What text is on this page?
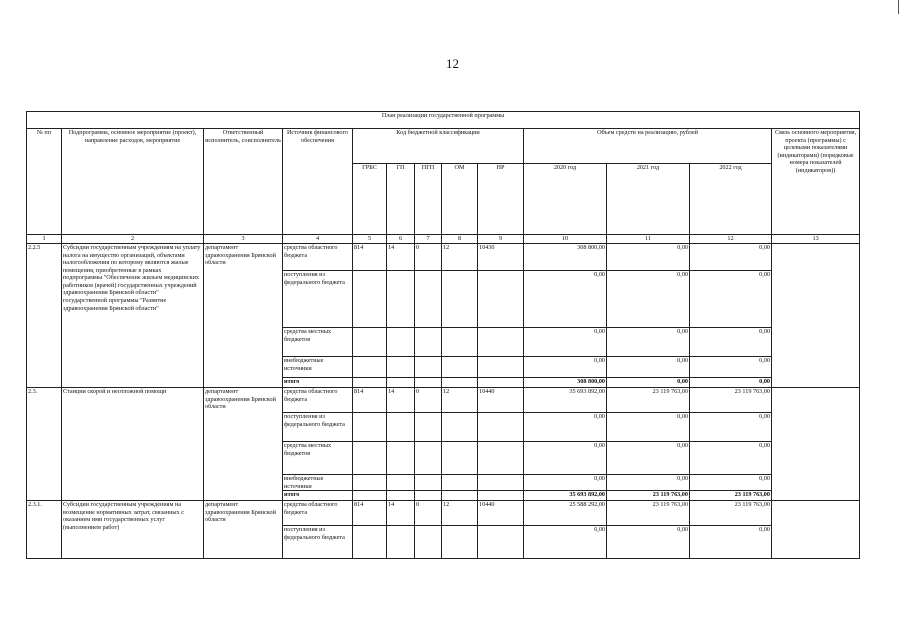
12
План реализации государственной программы												
№ пп	Подпрограмма, основное мероприятие (проект), направление расходов, мероприятие	Ответственный исполнитель, соисполнитель	Источник финансового обеспечения	Код бюджетной классификации					Объем средств на реализацию, рублей			Связь основного мероприятия, проекта (программы) с целевыми показателями (индикаторами) (порядковые номера показателей (индикаторов))
				ГРБС	ГП	ПГП	ОМ	НР	2020 год	2021 год	2022 год	
1	2	3	4	5	6	7	8	9	10	11	12	13
2.2.5	Субсидии государственным учреждениям на уплату налога на имущество организаций, объектами налогообложения по которому являются жилые помещения, приобретенные в рамках подпрограммы "Обеспечение жильем медицинских работников (врачей) государственных учреждений здравоохранения Брянской области" государственной программы "Развитие здравоохранения Брянской области"	департамент здравоохранения Брянской области	средства областного бюджета	814	14	0	12	10430	308 800,00	0,00	0,00	
			поступления из федерального бюджета						0,00	0,00	0,00	
			средства местных бюджетов						0,00	0,00	0,00	
			внебюджетные источники						0,00	0,00	0,00	
			итого						308 800,00	0,00	0,00	
2.3.	Станции скорой и неотложной помощи	департамент здравоохранения Брянской области	средства областного бюджета	814	14	0	12	10440	35 693 892,00	23 119 763,00	23 119 763,00	
			поступления из федерального бюджета						0,00	0,00	0,00	
			средства местных бюджетов						0,00	0,00	0,00	
			внебюджетные источники						0,00	0,00	0,00	
			итого						35 693 892,00	23 119 763,00	23 119 763,00	
2.3.1.	Субсидии государственным учреждениям на возмещение нормативных затрат, связанных с оказанием ими государственных услуг (выполнением работ)	департамент здравоохранения Брянской области	средства областного бюджета	814	14	0	12	10440	25 588 292,00	23 119 763,00	23 119 763,00	
			поступления из федерального бюджета						0,00	0,00	0,00	
